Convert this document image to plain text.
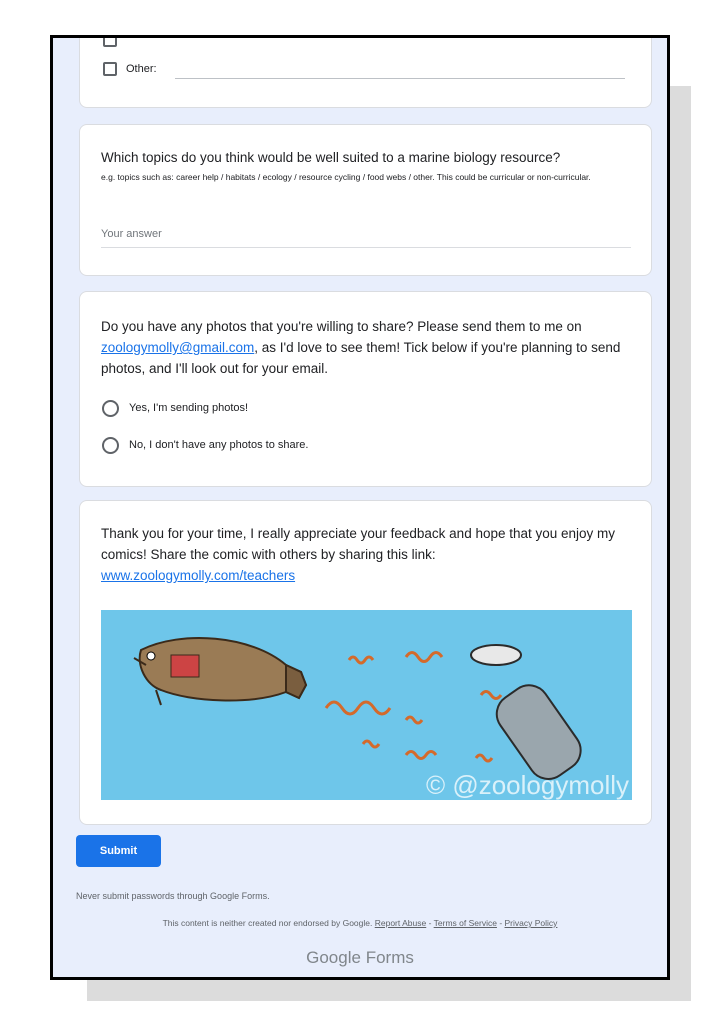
Other:
Which topics do you think would be well suited to a marine biology resource?
e.g. topics such as: career help / habitats / ecology / resource cycling / food webs / other. This could be curricular or non-curricular.
Your answer
Do you have any photos that you're willing to share? Please send them to me on zoologymolly@gmail.com, as I'd love to see them! Tick below if you're planning to send photos, and I'll look out for your email.
Yes, I'm sending photos!
No, I don't have any photos to share.
Thank you for your time, I really appreciate your feedback and hope that you enjoy my comics! Share the comic with others by sharing this link: www.zoologymolly.com/teachers
© @zoologymolly
Submit
Never submit passwords through Google Forms.
This content is neither created nor endorsed by Google. Report Abuse - Terms of Service - Privacy Policy
Google Forms
